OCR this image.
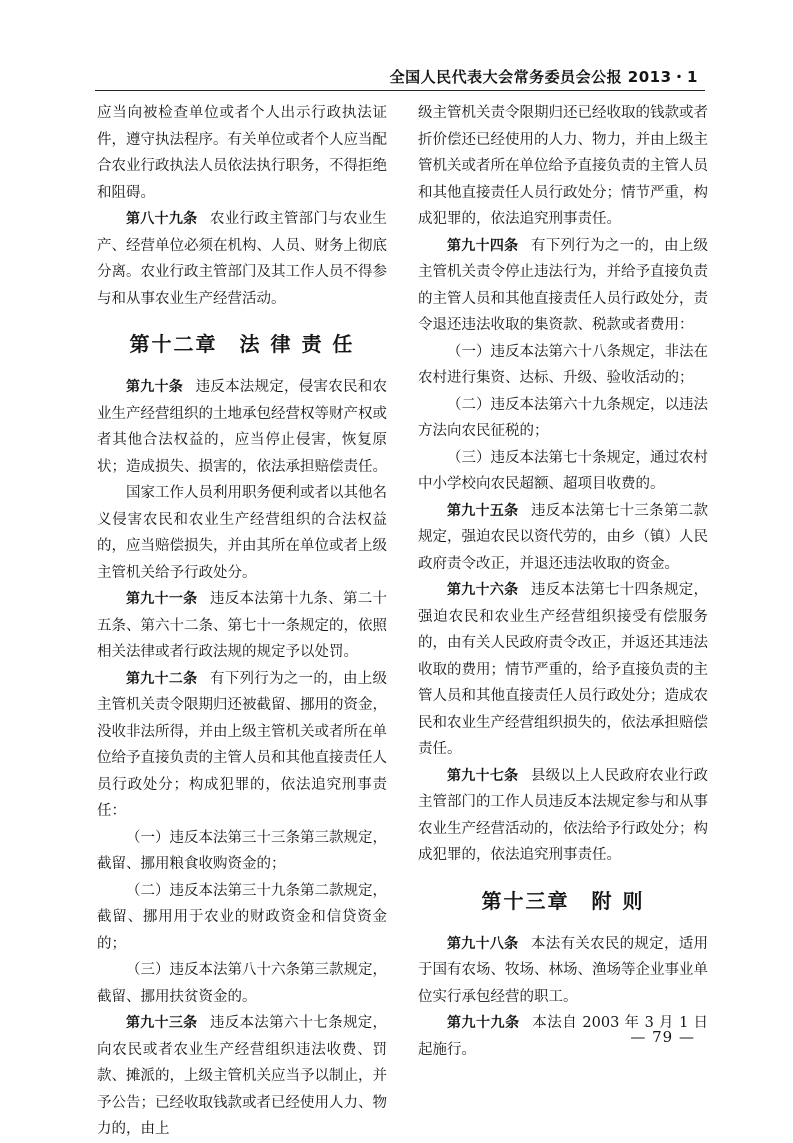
全国人民代表大会常务委员会公报 2013・1

应当向被检查单位或者个人出示行政执法证件，遵守执法程序。有关单位或者个人应当配合农业行政执法人员依法执行职务，不得拒绝和阻碍。

第八十九条 农业行政主管部门与农业生产、经营单位必须在机构、人员、财务上彻底分离。农业行政主管部门及其工作人员不得参与和从事农业生产经营活动。

第十二章 法 律 责 任

第九十条 违反本法规定，侵害农民和农业生产经营组织的土地承包经营权等财产权或者其他合法权益的，应当停止侵害，恢复原状；造成损失、损害的，依法承担赔偿责任。

国家工作人员利用职务便利或者以其他名义侵害农民和农业生产经营组织的合法权益的，应当赔偿损失，并由其所在单位或者上级主管机关给予行政处分。

第九十一条 违反本法第十九条、第二十五条、第六十二条、第七十一条规定的，依照相关法律或者行政法规的规定予以处罚。

第九十二条 有下列行为之一的，由上级主管机关责令限期归还被截留、挪用的资金，没收非法所得，并由上级主管机关或者所在单位给予直接负责的主管人员和其他直接责任人员行政处分；构成犯罪的，依法追究刑事责任：

（一）违反本法第三十三条第三款规定，截留、挪用粮食收购资金的；

（二）违反本法第三十九条第二款规定，截留、挪用用于农业的财政资金和信贷资金的；

（三）违反本法第八十六条第三款规定，截留、挪用扶贫资金的。

第九十三条 违反本法第六十七条规定，向农民或者农业生产经营组织违法收费、罚款、摊派的，上级主管机关应当予以制止，并予公告；已经收取钱款或者已经使用人力、物力的，由上

级主管机关责令限期归还已经收取的钱款或者折价偿还已经使用的人力、物力，并由上级主管机关或者所在单位给予直接负责的主管人员和其他直接责任人员行政处分；情节严重，构成犯罪的，依法追究刑事责任。

第九十四条 有下列行为之一的，由上级主管机关责令停止违法行为，并给予直接负责的主管人员和其他直接责任人员行政处分，责令退还违法收取的集资款、税款或者费用：

（一）违反本法第六十八条规定，非法在农村进行集资、达标、升级、验收活动的；

（二）违反本法第六十九条规定，以违法方法向农民征税的；

（三）违反本法第七十条规定，通过农村中小学校向农民超额、超项目收费的。

第九十五条 违反本法第七十三条第二款规定，强迫农民以资代劳的，由乡（镇）人民政府责令改正，并退还违法收取的资金。

第九十六条 违反本法第七十四条规定，强迫农民和农业生产经营组织接受有偿服务的，由有关人民政府责令改正，并返还其违法收取的费用；情节严重的，给予直接负责的主管人员和其他直接责任人员行政处分；造成农民和农业生产经营组织损失的，依法承担赔偿责任。

第九十七条 县级以上人民政府农业行政主管部门的工作人员违反本法规定参与和从事农业生产经营活动的，依法给予行政处分；构成犯罪的，依法追究刑事责任。

第十三章 附 则

第九十八条 本法有关农民的规定，适用于国有农场、牧场、林场、渔场等企业事业单位实行承包经营的职工。

第九十九条 本法自 2003 年 3 月 1 日起施行。

— 79 —
